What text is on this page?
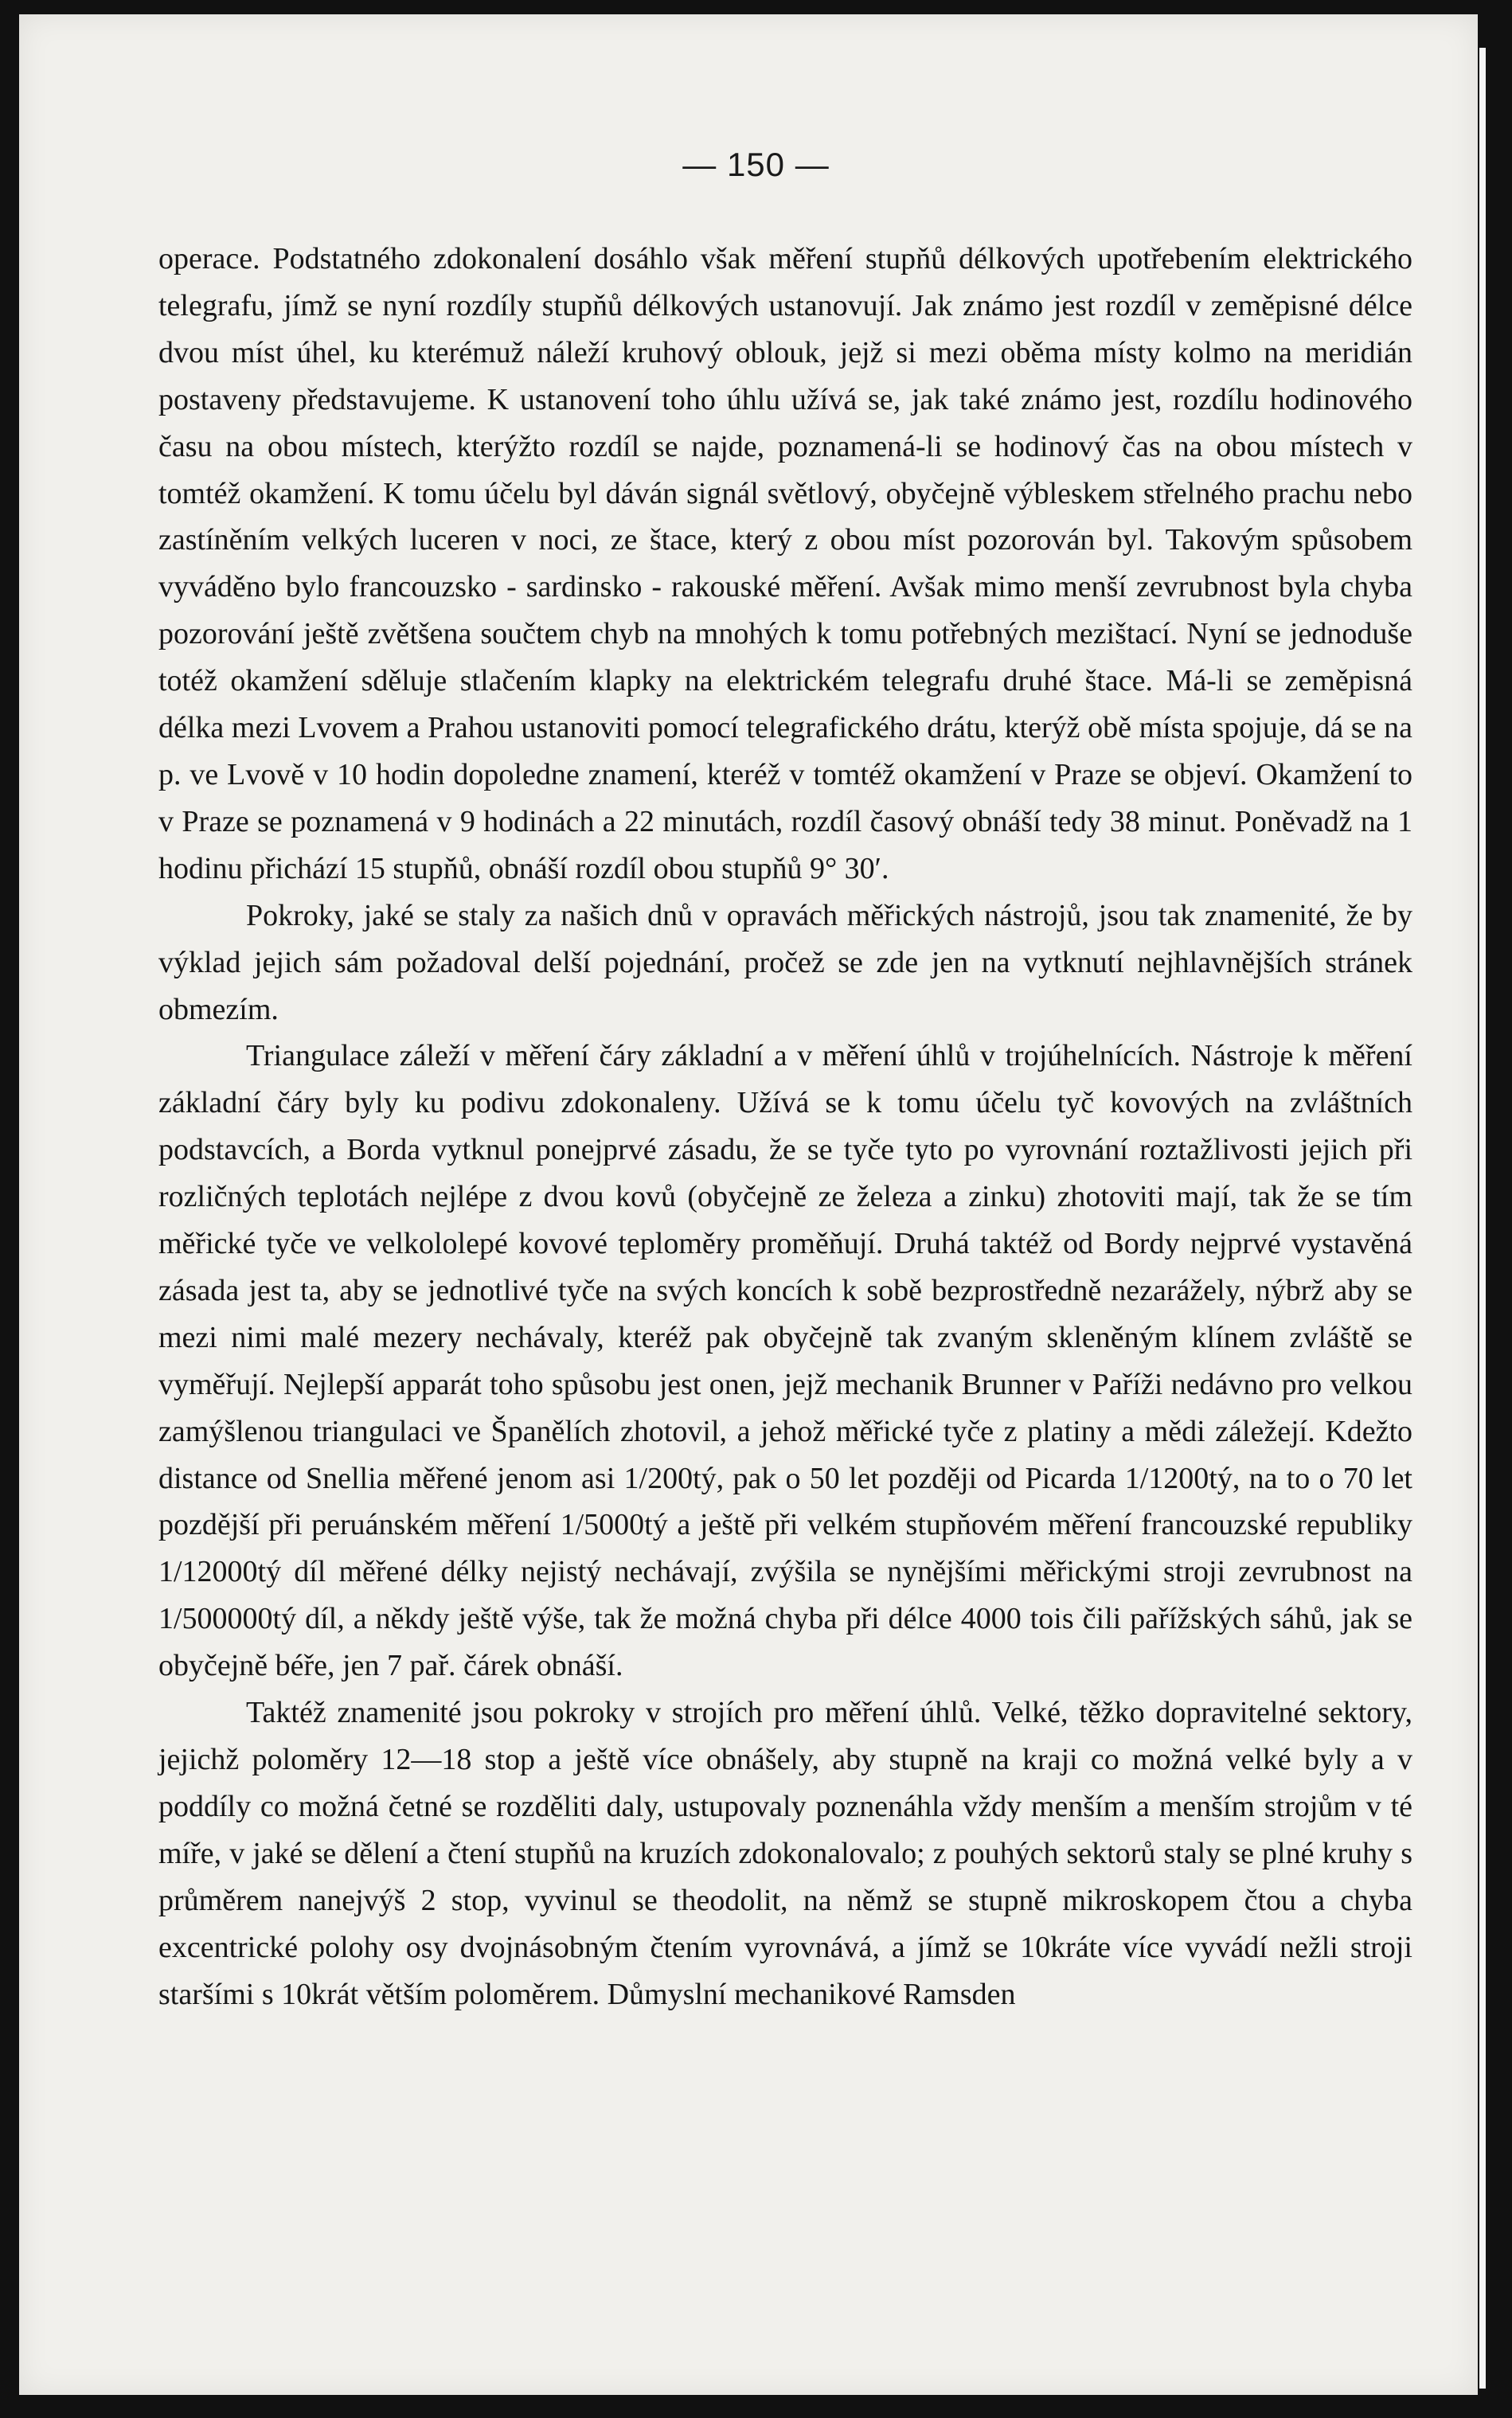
— 150 —

operace. Podstatného zdokonalení dosáhlo však měření stupňů délkových upotřebením elektrického telegrafu, jímž se nyní rozdíly stupňů délkových ustanovují. Jak známo jest rozdíl v zeměpisné délce dvou míst úhel, ku kterémuž náleží kruhový oblouk, jejž si mezi oběma místy kolmo na meridián postaveny představujeme. K ustanovení toho úhlu užívá se, jak také známo jest, rozdílu hodinového času na obou místech, kterýžto rozdíl se najde, poznamená-li se hodinový čas na obou místech v tomtéž okamžení. K tomu účelu byl dáván signál světlový, obyčejně výbleskem střelného prachu nebo zastíněním velkých luceren v noci, ze štace, který z obou míst pozorován byl. Takovým spůsobem vyváděno bylo francouzsko - sardinsko - rakouské měření. Avšak mimo menší zevrubnost byla chyba pozorování ještě zvětšena součtem chyb na mnohých k tomu potřebných mezištací. Nyní se jednoduše totéž okamžení sděluje stlačením klapky na elektrickém telegrafu druhé štace. Má-li se zeměpisná délka mezi Lvovem a Prahou ustanoviti pomocí telegrafického drátu, kterýž obě místa spojuje, dá se na p. ve Lvově v 10 hodin dopoledne znamení, kteréž v tomtéž okamžení v Praze se objeví. Okamžení to v Praze se poznamená v 9 hodinách a 22 minutách, rozdíl časový obnáší tedy 38 minut. Poněvadž na 1 hodinu přichází 15 stupňů, obnáší rozdíl obou stupňů 9° 30′.

Pokroky, jaké se staly za našich dnů v opravách měřických nástrojů, jsou tak znamenité, že by výklad jejich sám požadoval delší pojednání, pročež se zde jen na vytknutí nejhlavnějších stránek obmezím.

Triangulace záleží v měření čáry základní a v měření úhlů v trojúhelnících. Nástroje k měření základní čáry byly ku podivu zdokonaleny. Užívá se k tomu účelu tyč kovových na zvláštních podstavcích, a Borda vytknul ponejprvé zásadu, že se tyče tyto po vyrovnání roztažlivosti jejich při rozličných teplotách nejlépe z dvou kovů (obyčejně ze železa a zinku) zhotoviti mají, tak že se tím měřické tyče ve velkololepé kovové teploměry proměňují. Druhá taktéž od Bordy nejprvé vystavěná zásada jest ta, aby se jednotlivé tyče na svých koncích k sobě bezprostředně nezarážely, nýbrž aby se mezi nimi malé mezery nechávaly, kteréž pak obyčejně tak zvaným skleněným klínem zvláště se vyměřují. Nejlepší apparát toho spůsobu jest onen, jejž mechanik Brunner v Paříži nedávno pro velkou zamýšlenou triangulaci ve Španělích zhotovil, a jehož měřické tyče z platiny a mědi záležejí. Kdežto distance od Snellia měřené jenom asi 1/200tý, pak o 50 let později od Picarda 1/1200tý, na to o 70 let pozdější při peruánském měření 1/5000tý a ještě při velkém stupňovém měření francouzské republiky 1/12000tý díl měřené délky nejistý nechávají, zvýšila se nynějšími měřickými stroji zevrubnost na 1/500000tý díl, a někdy ještě výše, tak že možná chyba při délce 4000 tois čili pařížských sáhů, jak se obyčejně béře, jen 7 pař. čárek obnáší.

Taktéž znamenité jsou pokroky v strojích pro měření úhlů. Velké, těžko dopravitelné sektory, jejichž poloměry 12—18 stop a ještě více obnášely, aby stupně na kraji co možná velké byly a v poddíly co možná četné se rozděliti daly, ustupovaly poznenáhla vždy menším a menším strojům v té míře, v jaké se dělení a čtení stupňů na kruzích zdokonalovalo; z pouhých sektorů staly se plné kruhy s průměrem nanejvýš 2 stop, vyvinul se theodolit, na němž se stupně mikroskopem čtou a chyba excentrické polohy osy dvojnásobným čtením vyrovnává, a jímž se 10kráte více vyvádí nežli stroji staršími s 10krát větším poloměrem. Důmyslní mechanikové Ramsden
